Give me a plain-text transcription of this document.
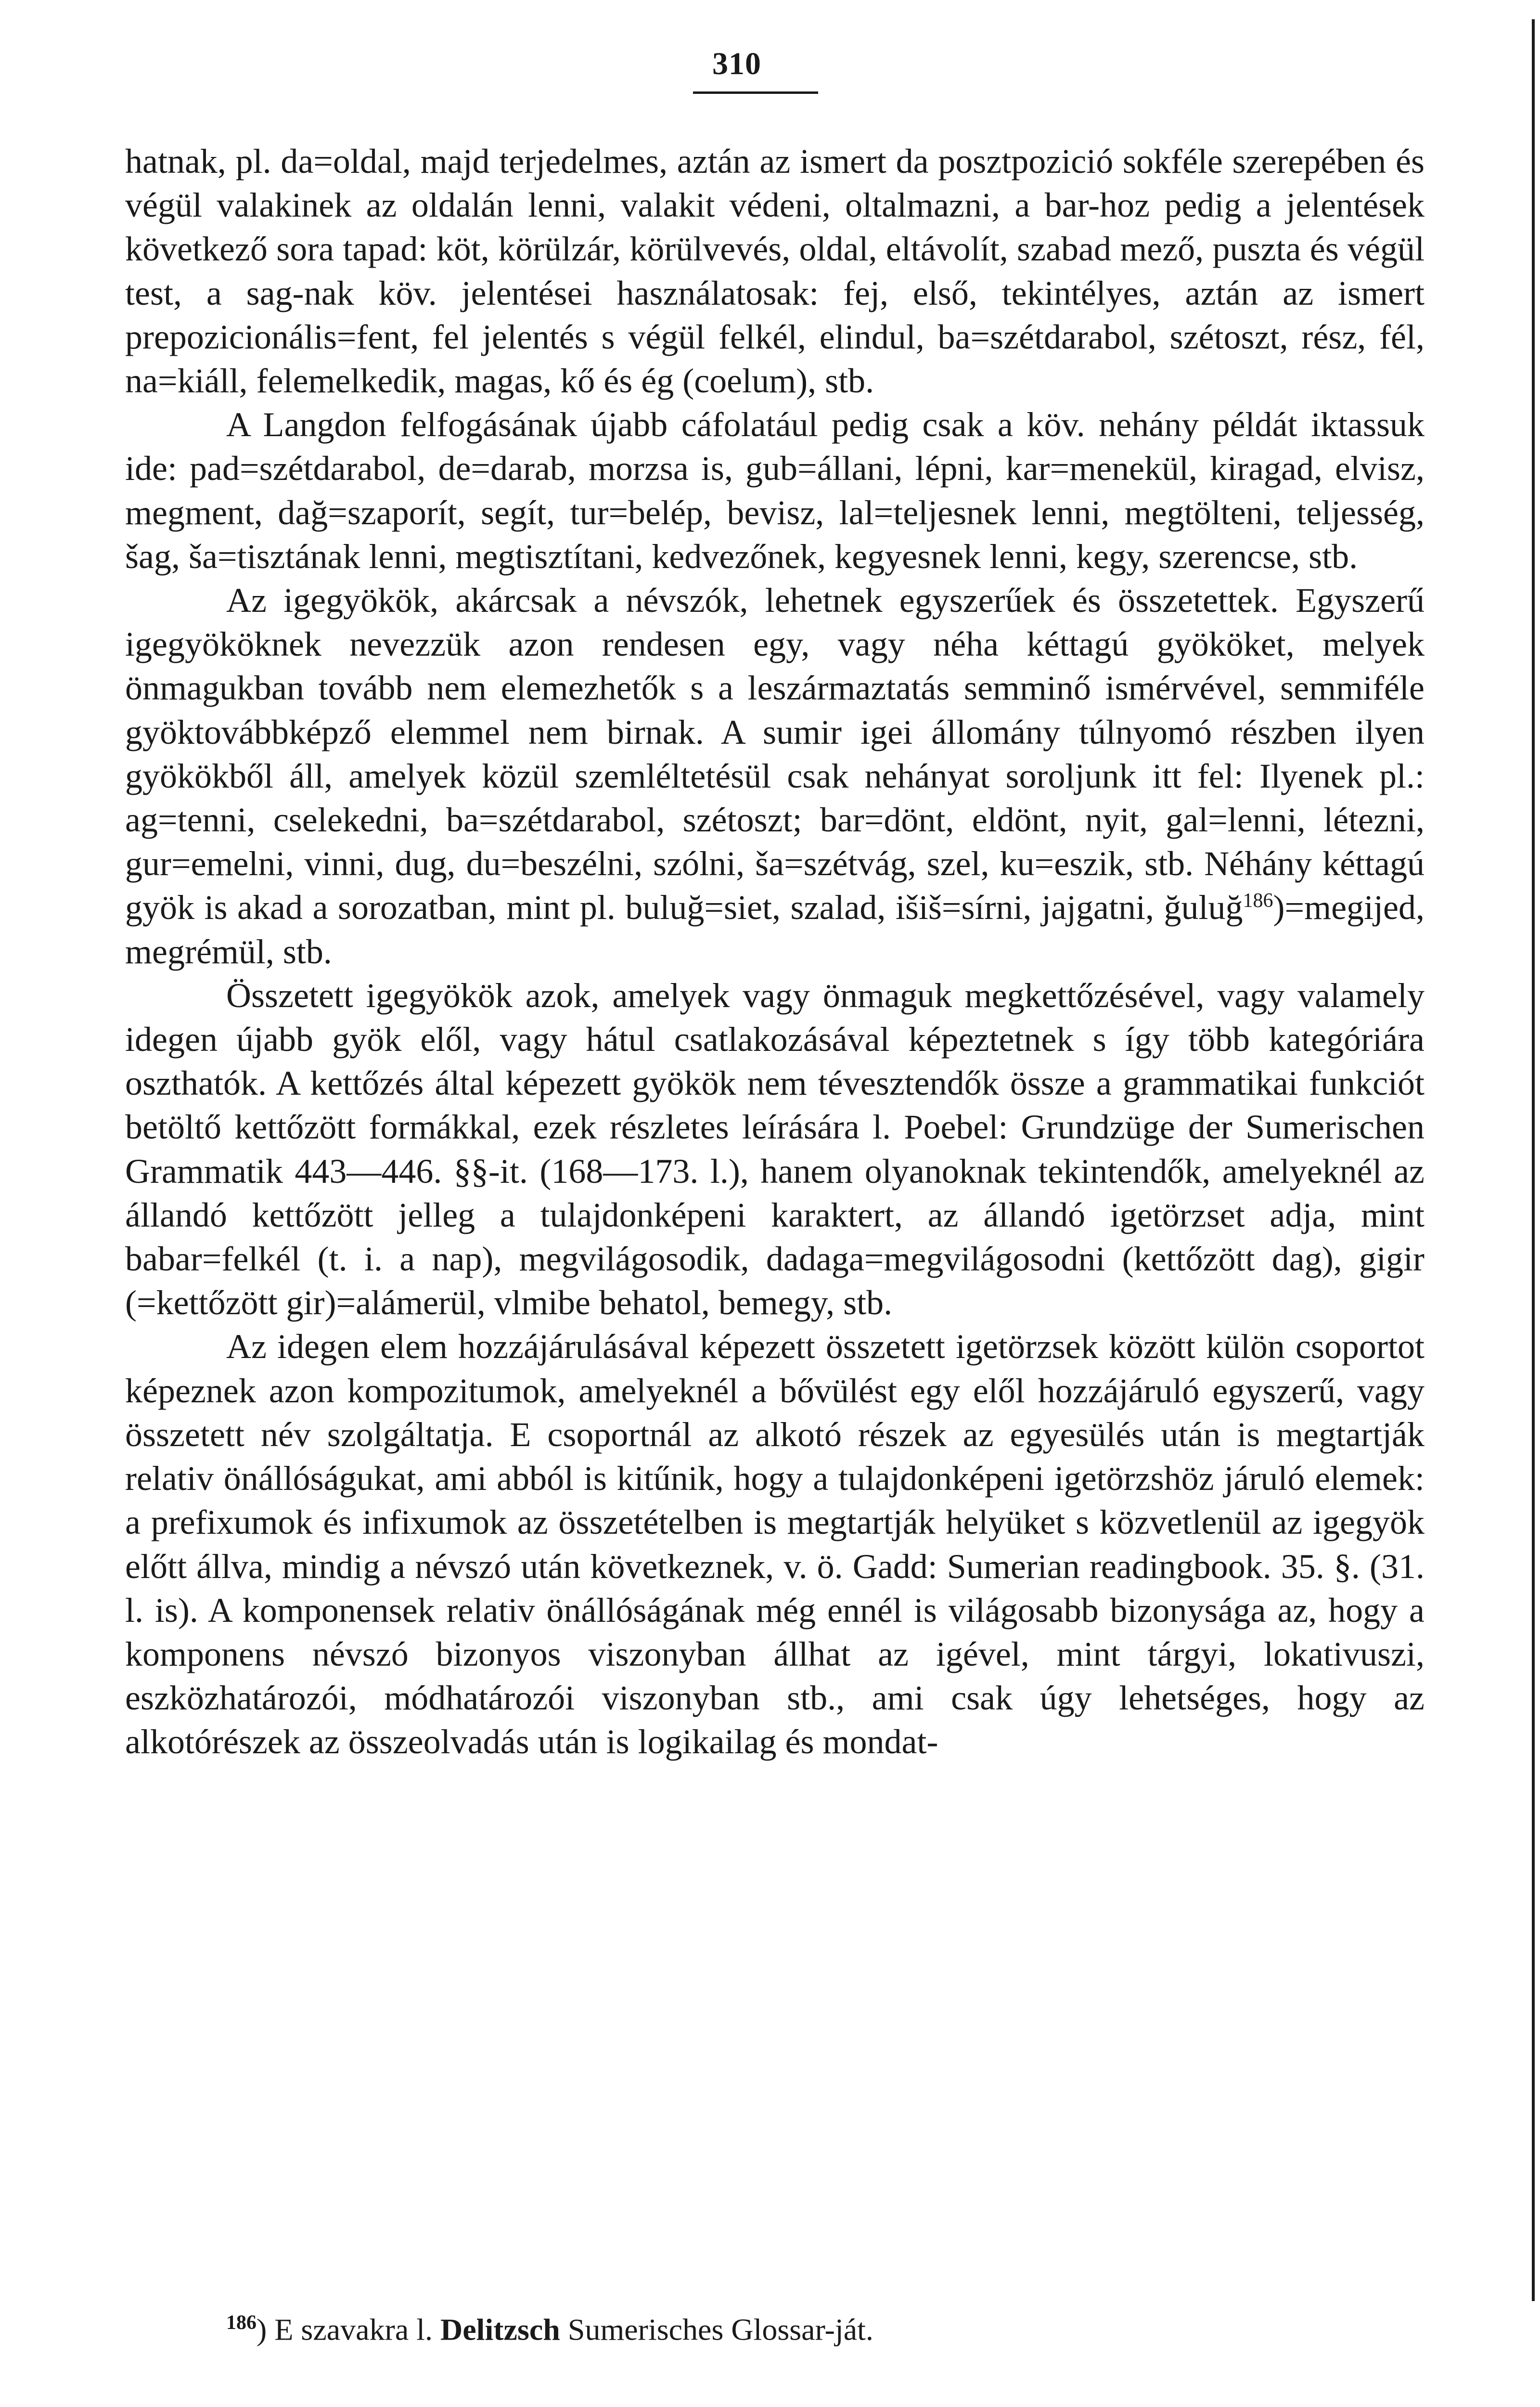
310

hatnak, pl. da=oldal, majd terjedelmes, aztán az ismert da posztpozició sokféle szerepében és végül valakinek az oldalán lenni, valakit védeni, oltalmazni, a bar-hoz pedig a jelentések következő sora tapad: köt, körülzár, körülvevés, oldal, eltávolít, szabad mező, puszta és végül test, a sag-nak köv. jelentései használatosak: fej, első, tekintélyes, aztán az ismert prepozicionális=fent, fel jelentés s végül felkél, elindul, ba=szétdarabol, szétoszt, rész, fél, na=kiáll, felemelkedik, magas, kő és ég (coelum), stb.

A Langdon felfogásának újabb cáfolatául pedig csak a köv. nehány példát iktassuk ide: pad=szétdarabol, de=darab, morzsa is, gub=állani, lépni, kar=menekül, kiragad, elvisz, megment, dağ=szaporít, segít, tur=belép, bevisz, lal=teljesnek lenni, megtölteni, teljesség, šag, ša=tisztának lenni, megtisztítani, kedvezőnek, kegyesnek lenni, kegy, szerencse, stb.

Az igegyökök, akárcsak a névszók, lehetnek egyszerűek és összetettek. Egyszerű igegyököknek nevezzük azon rendesen egy, vagy néha kéttagú gyököket, melyek önmagukban tovább nem elemezhetők s a leszármaztatás semminő ismérvével, semmiféle gyöktovábbképző elemmel nem birnak. A sumir igei állomány túlnyomó részben ilyen gyökökből áll, amelyek közül szemléltetésül csak nehányat soroljunk itt fel: Ilyenek pl.: ag=tenni, cselekedni, ba=szétdarabol, szétoszt; bar=dönt, eldönt, nyit, gal=lenni, létezni, gur=emelni, vinni, dug, du=beszélni, szólni, ša=szétvág, szel, ku=eszik, stb. Néhány kéttagú gyök is akad a sorozatban, mint pl. buluğ=siet, szalad, išiš=sírni, jajgatni, ğuluğ$^{186}$)=megijed, megrémül, stb.

Összetett igegyökök azok, amelyek vagy önmaguk megkettőzésével, vagy valamely idegen újabb gyök elől, vagy hátul csatlakozásával képeztetnek s így több kategóriára oszthatók. A kettőzés által képezett gyökök nem tévesztendők össze a grammatikai funkciót betöltő kettőzött formákkal, ezek részletes leírására l. Poebel: Grundzüge der Sumerischen Grammatik 443—446. §§-it. (168—173. l.), hanem olyanoknak tekintendők, amelyeknél az állandó kettőzött jelleg a tulajdonképeni karaktert, az állandó igetörzset adja, mint babar=felkél (t. i. a nap), megvilágosodik, dadaga=megvilágosodni (kettőzött dag), gigir (=kettőzött gir)=alámerül, vlmibe behatol, bemegy, stb.

Az idegen elem hozzájárulásával képezett összetett igetörzsek között külön csoportot képeznek azon kompozitumok, amelyeknél a bővülést egy elől hozzájáruló egyszerű, vagy összetett név szolgáltatja. E csoportnál az alkotó részek az egyesülés után is megtartják relativ önállóságukat, ami abból is kitűnik, hogy a tulajdonképeni igetörzshöz járuló elemek: a prefixumok és infixumok az összetételben is megtartják helyüket s közvetlenül az igegyök előtt állva, mindig a névszó után következnek, v. ö. Gadd: Sumerian readingbook. 35. §. (31. l. is). A komponensek relativ önállóságának még ennél is világosabb bizonysága az, hogy a komponens névszó bizonyos viszonyban állhat az igével, mint tárgyi, lokativuszi, eszközhatározói, módhatározói viszonyban stb., ami csak úgy lehetséges, hogy az alkotórészek az összeolvadás után is logikailag és mondat-

$^{186}$) E szavakra l. Delitzsch Sumerisches Glossar-ját.
